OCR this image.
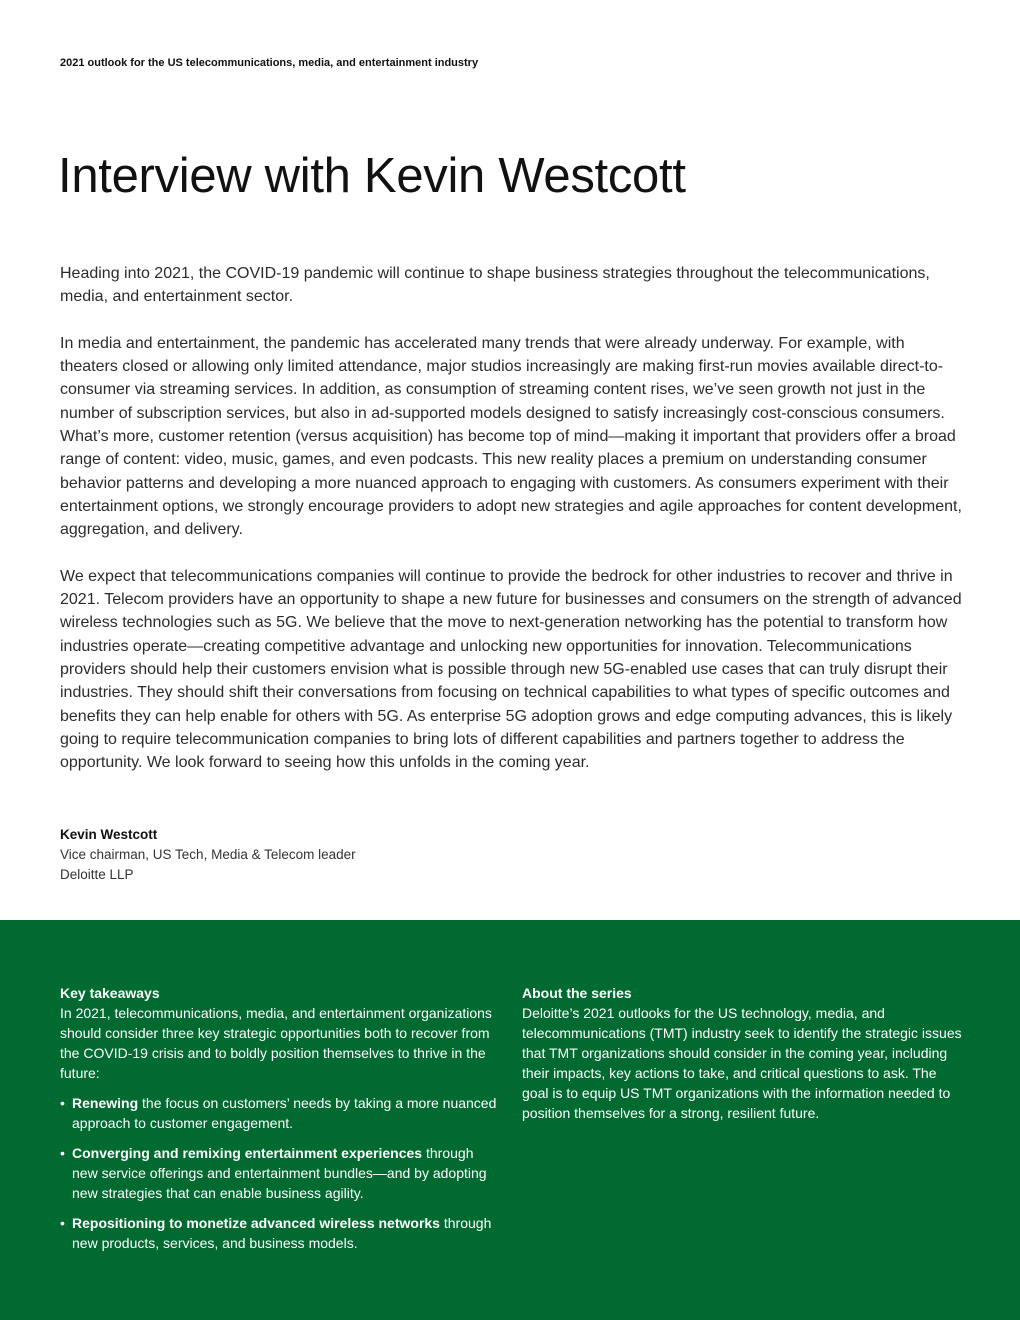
2021 outlook for the US telecommunications, media, and entertainment industry
Interview with Kevin Westcott

Heading into 2021, the COVID-19 pandemic will continue to shape business strategies throughout the telecommunications, media, and entertainment sector.

In media and entertainment, the pandemic has accelerated many trends that were already underway. For example, with theaters closed or allowing only limited attendance, major studios increasingly are making first-run movies available direct-to-consumer via streaming services. In addition, as consumption of streaming content rises, we’ve seen growth not just in the number of subscription services, but also in ad-supported models designed to satisfy increasingly cost-conscious consumers. What’s more, customer retention (versus acquisition) has become top of mind—making it important that providers offer a broad range of content: video, music, games, and even podcasts. This new reality places a premium on understanding consumer behavior patterns and developing a more nuanced approach to engaging with customers. As consumers experiment with their entertainment options, we strongly encourage providers to adopt new strategies and agile approaches for content development, aggregation, and delivery.

We expect that telecommunications companies will continue to provide the bedrock for other industries to recover and thrive in 2021. Telecom providers have an opportunity to shape a new future for businesses and consumers on the strength of advanced wireless technologies such as 5G. We believe that the move to next-generation networking has the potential to transform how industries operate—creating competitive advantage and unlocking new opportunities for innovation. Telecommunications providers should help their customers envision what is possible through new 5G-enabled use cases that can truly disrupt their industries. They should shift their conversations from focusing on technical capabilities to what types of specific outcomes and benefits they can help enable for others with 5G. As enterprise 5G adoption grows and edge computing advances, this is likely going to require telecommunication companies to bring lots of different capabilities and partners together to address the opportunity. We look forward to seeing how this unfolds in the coming year.

Kevin Westcott
Vice chairman, US Tech, Media & Telecom leader
Deloitte LLP
Key takeaways

In 2021, telecommunications, media, and entertainment organizations should consider three key strategic opportunities both to recover from the COVID-19 crisis and to boldly position themselves to thrive in the future:

• Renewing the focus on customers’ needs by taking a more nuanced approach to customer engagement.
• Converging and remixing entertainment experiences through new service offerings and entertainment bundles—and by adopting new strategies that can enable business agility.
• Repositioning to monetize advanced wireless networks through new products, services, and business models.
About the series

Deloitte’s 2021 outlooks for the US technology, media, and telecommunications (TMT) industry seek to identify the strategic issues that TMT organizations should consider in the coming year, including their impacts, key actions to take, and critical questions to ask. The goal is to equip US TMT organizations with the information needed to position themselves for a strong, resilient future.
